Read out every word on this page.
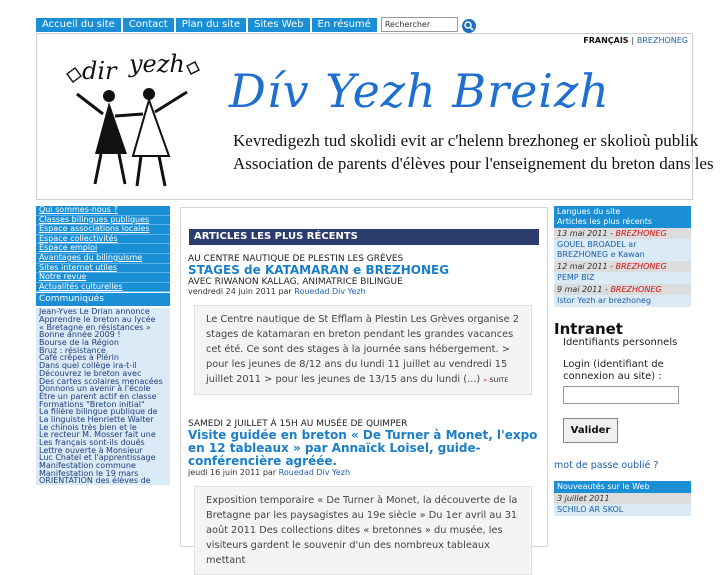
Accueil du site	Contact	Plan du site	Sites Web	En résumé	Rechercher
FRANÇAIS | BREZHONEG
dir yezh Dív Yezh Breizh
Kevredigezh tud skolidi evit ar c'helenn brezhoneg er skolioù publik
Association de parents d'élèves pour l'enseignement du breton dans les
Qui sommes-nous ?
Classes bilingues publiques
Espace associations locales
Espace collectivités
Espace emploi
Avantages du bilinguisme
Sites internet utiles
Notre revue
Actualités culturelles
Communiqués
Jean-Yves Le Drian annonce
Apprendre le breton au lycée
« Bretagne en résistances »
Bonne année 2009 !
Bourse de la Région
Bruz : résistance
Café crêpes à Plérin
Dans quel collège ira-t-il
Découvrez le breton avec
Des cartes scolaires menacées
Donnons un avenir à l'école
Être un parent actif en classe
Formations "Breton initial"
La filière bilingue publique de
La linguiste Henriette Walter
Le chinois très bien et le
Le recteur M. Mosser fait une
Les français sont-ils doués
Lettre ouverte à Monsieur
Luc Chatel et l'apprentissage
Manifestation commune
Manifestation le 19 mars
ORIENTATION des élèves de
ARTICLES LES PLUS RÉCENTS
AU CENTRE NAUTIQUE DE PLESTIN LES GRÈVES
STAGES de KATAMARAN e BREZHONEG
AVEC RIWANON KALLAG, ANIMATRICE BILINGUE
vendredi 24 juin 2011 par Rouedad Div Yezh
Le Centre nautique de St Efflam à Plestin Les Grèves organise 2 stages de katamaran en breton pendant les grandes vacances cet été. Ce sont des stages à la journée sans hébergement. > pour les jeunes de 8/12 ans du lundi 11 juillet au vendredi 15 juillet 2011 > pour les jeunes de 13/15 ans du lundi (...) » SUITE
SAMEDI 2 JUILLET À 15H AU MUSÉE DE QUIMPER
Visite guidée en breton « De Turner à Monet, l'expo en 12 tableaux » par Annaïck Loisel, guide-conférencière agréée.
jeudi 16 juin 2011 par Rouedad Div Yezh
Exposition temporaire « De Turner à Monet, la découverte de la Bretagne par les paysagistes au 19e siècle » Du 1er avril au 31 août 2011 Des collections dites « bretonnes » du musée, les visiteurs gardent le souvenir d'un des nombreux tableaux mettant
Langues du site
Articles les plus récents
13 mai 2011 - BREZHONEG
GOUEL BROADEL ar BREZHONEG e Kawan
12 mai 2011 - BREZHONEG
PEMP BIZ
9 mai 2011 - BREZHONEG
Istor Yezh ar brezhoneg
Intranet
Identifiants personnels
Login (identifiant de connexion au site) :
Valider
mot de passe oublié ?
Nouveautés sur le Web
3 juillet 2011
SCHILO AR SKOL
